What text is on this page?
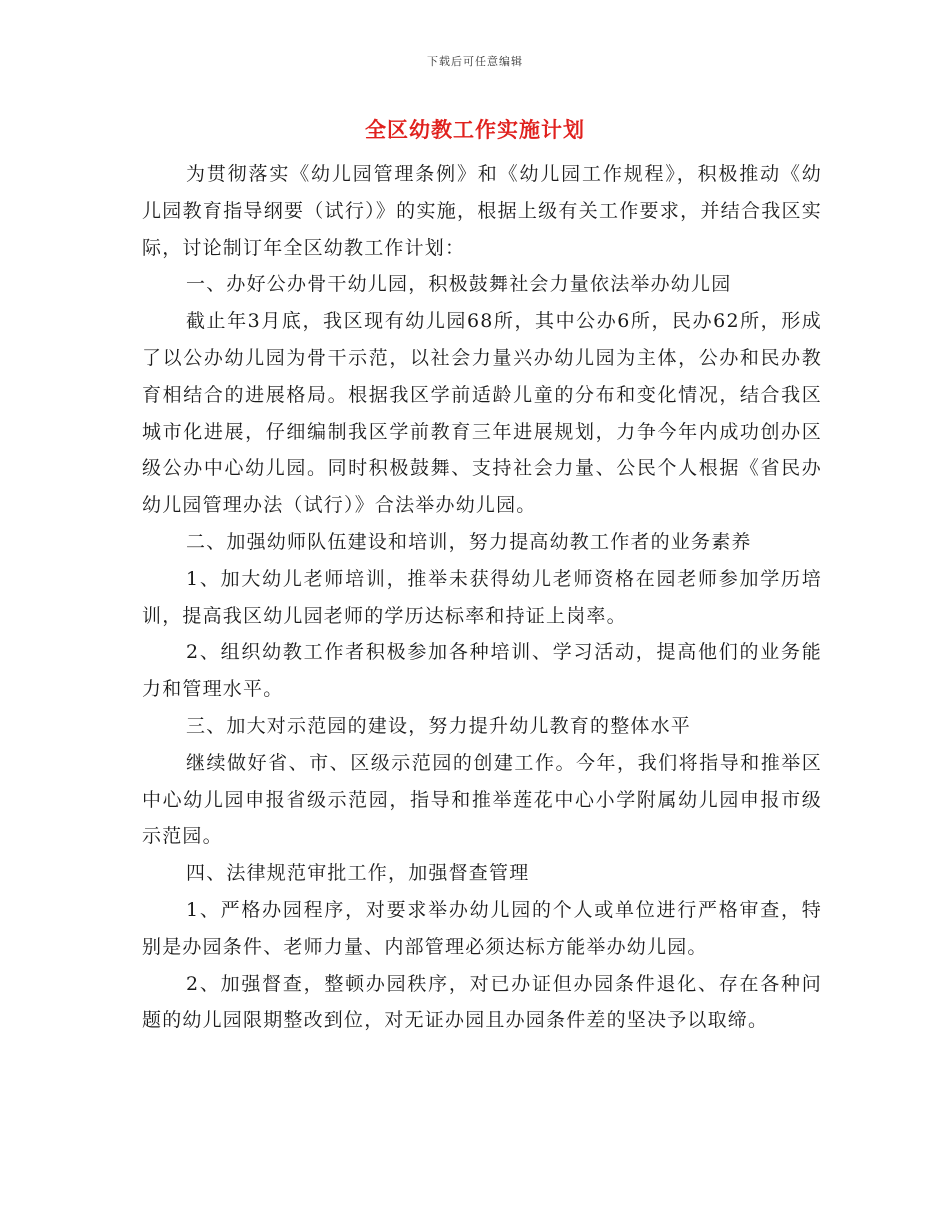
下载后可任意编辑
全区幼教工作实施计划

为贯彻落实《幼儿园管理条例》和《幼儿园工作规程》，积极推动《幼儿园教育指导纲要（试行）》的实施，根据上级有关工作要求，并结合我区实际，讨论制订年全区幼教工作计划：

一、办好公办骨干幼儿园，积极鼓舞社会力量依法举办幼儿园

截止年3月底，我区现有幼儿园68所，其中公办6所，民办62所，形成了以公办幼儿园为骨干示范，以社会力量兴办幼儿园为主体，公办和民办教育相结合的进展格局。根据我区学前适龄儿童的分布和变化情况，结合我区城市化进展，仔细编制我区学前教育三年进展规划，力争今年内成功创办区级公办中心幼儿园。同时积极鼓舞、支持社会力量、公民个人根据《省民办幼儿园管理办法（试行）》合法举办幼儿园。

二、加强幼师队伍建设和培训，努力提高幼教工作者的业务素养

1、加大幼儿老师培训，推举未获得幼儿老师资格在园老师参加学历培训，提高我区幼儿园老师的学历达标率和持证上岗率。

2、组织幼教工作者积极参加各种培训、学习活动，提高他们的业务能力和管理水平。

三、加大对示范园的建设，努力提升幼儿教育的整体水平

继续做好省、市、区级示范园的创建工作。今年，我们将指导和推举区中心幼儿园申报省级示范园，指导和推举莲花中心小学附属幼儿园申报市级示范园。

四、法律规范审批工作，加强督查管理

1、严格办园程序，对要求举办幼儿园的个人或单位进行严格审查，特别是办园条件、老师力量、内部管理必须达标方能举办幼儿园。

2、加强督查，整顿办园秩序，对已办证但办园条件退化、存在各种问题的幼儿园限期整改到位，对无证办园且办园条件差的坚决予以取缔。
